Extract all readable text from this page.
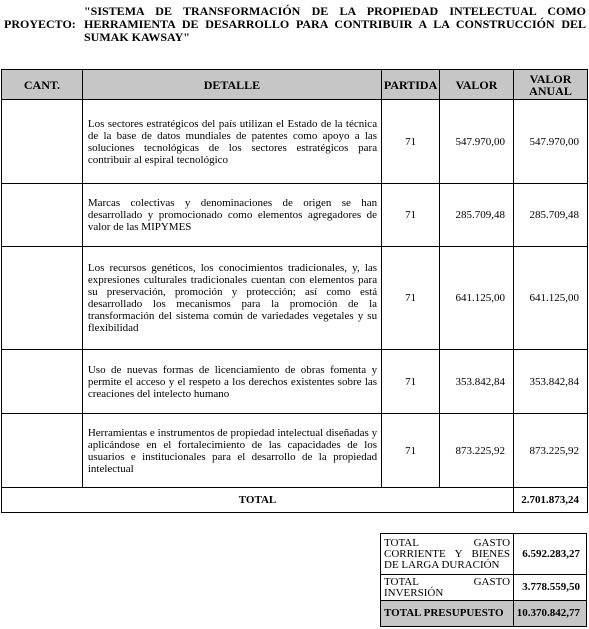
PROYECTO:
"SISTEMA DE TRANSFORMACIÓN DE LA PROPIEDAD INTELECTUAL COMO HERRAMIENTA DE DESARROLLO PARA CONTRIBUIR A LA CONSTRUCCIÓN DEL SUMAK KAWSAY"
CANT.	DETALLE	PARTIDA	VALOR	VALOR ANUAL
	Los sectores estratégicos del país utilizan el Estado de la técnica de la base de datos mundiales de patentes como apoyo a las soluciones tecnológicas de los sectores estratégicos para contribuir al espiral tecnológico	71	547.970,00	547.970,00
	Marcas colectivas y denominaciones de origen se han desarrollado y promocionado como elementos agregadores de valor de las MIPYMES	71	285.709,48	285.709,48
	Los recursos genéticos, los conocimientos tradicionales, y, las expresiones culturales tradicionales cuentan con elementos para su preservación, promoción y protección; así como está desarrollado los mecanismos para la promoción de la transformación del sistema común de variedades vegetales y su flexibilidad	71	641.125,00	641.125,00
	Uso de nuevas formas de licenciamiento de obras fomenta y permite el acceso y el respeto a los derechos existentes sobre las creaciones del intelecto humano	71	353.842,84	353.842,84
	Herramientas e instrumentos de propiedad intelectual diseñadas y aplicándose en el fortalecimiento de las capacidades de los usuarios e institucionales para el desarrollo de la propiedad intelectual	71	873.225,92	873.225,92
TOTAL				2.701.873,24
TOTAL GASTO CORRIENTE Y BIENES DE LARGA DURACIÓN	6.592.283,27
TOTAL GASTO INVERSIÓN	3.778.559,50
TOTAL PRESUPUESTO	10.370.842,77
